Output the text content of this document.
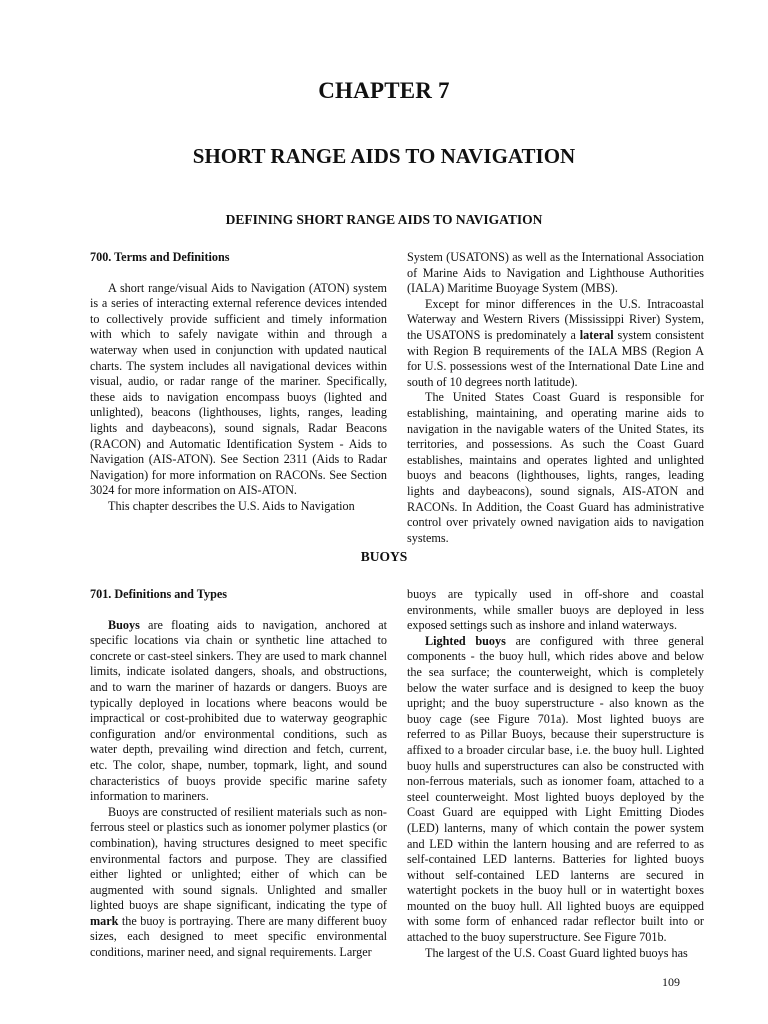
CHAPTER 7
SHORT RANGE AIDS TO NAVIGATION
DEFINING SHORT RANGE AIDS TO NAVIGATION
700. Terms and Definitions

A short range/visual Aids to Navigation (ATON) system is a series of interacting external reference devices intended to collectively provide sufficient and timely information with which to safely navigate within and through a waterway when used in conjunction with updated nautical charts. The system includes all navigational devices within visual, audio, or radar range of the mariner. Specifically, these aids to navigation encompass buoys (lighted and unlighted), beacons (lighthouses, lights, ranges, leading lights and daybeacons), sound signals, Radar Beacons (RACON) and Automatic Identification System - Aids to Navigation (AIS-ATON). See Section 2311 (Aids to Radar Navigation) for more information on RACONs. See Section 3024 for more information on AIS-ATON.

This chapter describes the U.S. Aids to Navigation

System (USATONS) as well as the International Association of Marine Aids to Navigation and Lighthouse Authorities (IALA) Maritime Buoyage System (MBS).

Except for minor differences in the U.S. Intracoastal Waterway and Western Rivers (Mississippi River) System, the USATONS is predominately a lateral system consistent with Region B requirements of the IALA MBS (Region A for U.S. possessions west of the International Date Line and south of 10 degrees north latitude).

The United States Coast Guard is responsible for establishing, maintaining, and operating marine aids to navigation in the navigable waters of the United States, its territories, and possessions. As such the Coast Guard establishes, maintains and operates lighted and unlighted buoys and beacons (lighthouses, lights, ranges, leading lights and daybeacons), sound signals, AIS-ATON and RACONs. In Addition, the Coast Guard has administrative control over privately owned navigation aids to navigation systems.

BUOYS
701. Definitions and Types

Buoys are floating aids to navigation, anchored at specific locations via chain or synthetic line attached to concrete or cast-steel sinkers. They are used to mark channel limits, indicate isolated dangers, shoals, and obstructions, and to warn the mariner of hazards or dangers. Buoys are typically deployed in locations where beacons would be impractical or cost-prohibited due to waterway geographic configuration and/or environmental conditions, such as water depth, prevailing wind direction and fetch, current, etc. The color, shape, number, topmark, light, and sound characteristics of buoys provide specific marine safety information to mariners.

Buoys are constructed of resilient materials such as non-ferrous steel or plastics such as ionomer polymer plastics (or combination), having structures designed to meet specific environmental factors and purpose. They are classified either lighted or unlighted; either of which can be augmented with sound signals. Unlighted and smaller lighted buoys are shape significant, indicating the type of mark the buoy is portraying. There are many different buoy sizes, each designed to meet specific environmental conditions, mariner need, and signal requirements. Larger

buoys are typically used in off-shore and coastal environments, while smaller buoys are deployed in less exposed settings such as inshore and inland waterways.

Lighted buoys are configured with three general components - the buoy hull, which rides above and below the sea surface; the counterweight, which is completely below the water surface and is designed to keep the buoy upright; and the buoy superstructure - also known as the buoy cage (see Figure 701a). Most lighted buoys are referred to as Pillar Buoys, because their superstructure is affixed to a broader circular base, i.e. the buoy hull. Lighted buoy hulls and superstructures can also be constructed with non-ferrous materials, such as ionomer foam, attached to a steel counterweight. Most lighted buoys deployed by the Coast Guard are equipped with Light Emitting Diodes (LED) lanterns, many of which contain the power system and LED within the lantern housing and are referred to as self-contained LED lanterns. Batteries for lighted buoys without self-contained LED lanterns are secured in watertight pockets in the buoy hull or in watertight boxes mounted on the buoy hull. All lighted buoys are equipped with some form of enhanced radar reflector built into or attached to the buoy superstructure. See Figure 701b.

The largest of the U.S. Coast Guard lighted buoys has

109
